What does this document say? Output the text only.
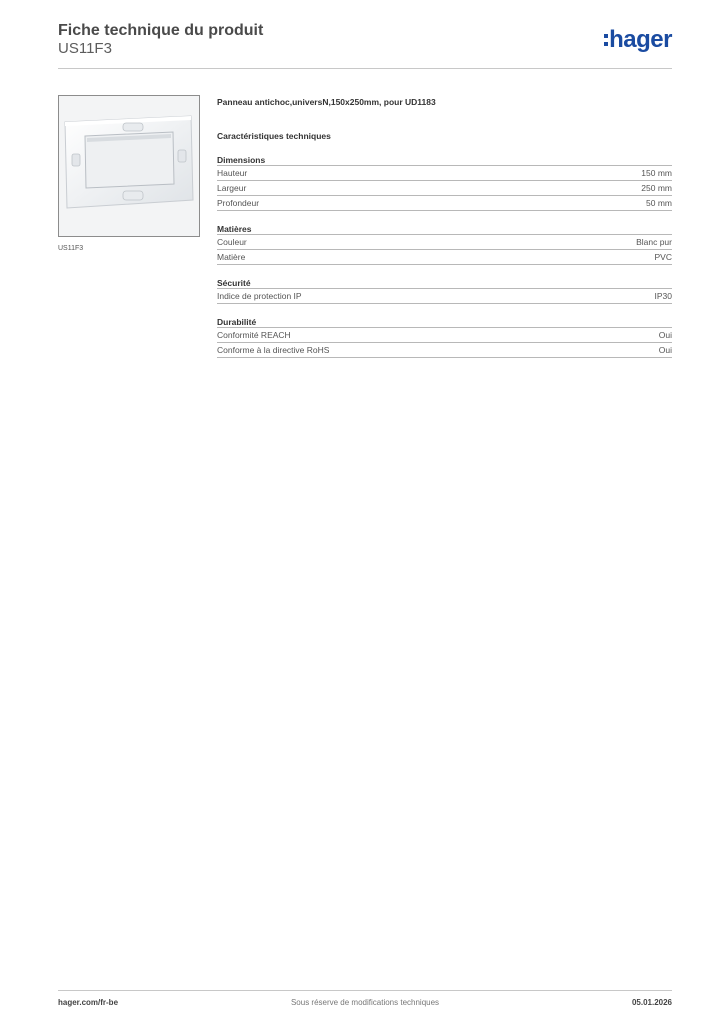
Fiche technique du produit
US11F3	hager
US11F3
Panneau antichoc,universN,150x250mm, pour UD1183
Caractéristiques techniques
Dimensions
Hauteur	150 mm
Largeur	250 mm
Profondeur	50 mm
Matières
Couleur	Blanc pur
Matière	PVC
Sécurité
Indice de protection IP	IP30
Durabilité
Conformité REACH	Oui
Conforme à la directive RoHS	Oui
hager.com/fr-be	Sous réserve de modifications techniques	05.01.2026
